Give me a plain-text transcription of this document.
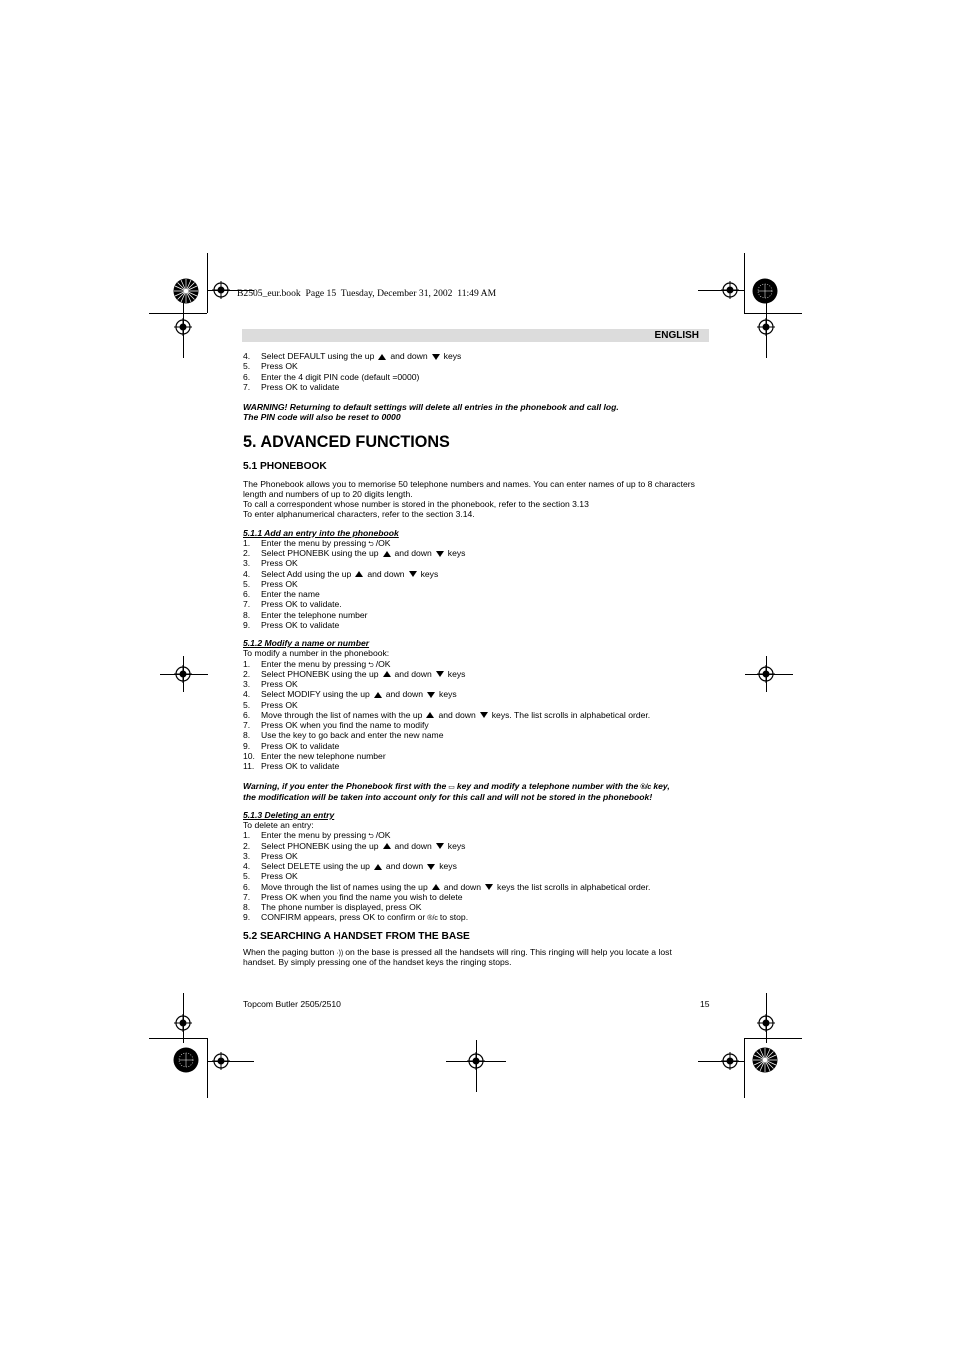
B2505_eur.book  Page 15  Tuesday, December 31, 2002  11:49 AM
ENGLISH
4. Select DEFAULT using the up and down keys
5. Press OK
6. Enter the 4 digit PIN code (default =0000)
7. Press OK to validate
WARNING! Returning to default settings will delete all entries in the phonebook and call log.
The PIN code will also be reset to 0000
5. ADVANCED FUNCTIONS
5.1 PHONEBOOK
The Phonebook allows you to memorise 50 telephone numbers and names. You can enter names of up to 8 characters
length and numbers of up to 20 digits length.
To call a correspondent whose number is stored in the phonebook, refer to the section 3.13
To enter alphanumerical characters, refer to the section 3.14.
5.1.1 Add an entry into the phonebook
1. Enter the menu by pressing ⮌ /OK
2. Select PHONEBK using the up and down keys
3. Press OK
4. Select Add using the up and down keys
5. Press OK
6. Enter the name
7. Press OK to validate.
8. Enter the telephone number
9. Press OK to validate
5.1.2 Modify a name or number
To modify a number in the phonebook:
1. Enter the menu by pressing ⮌ /OK
2. Select PHONEBK using the up and down keys
3. Press OK
4. Select MODIFY using the up and down keys
5. Press OK
6. Move through the list of names with the up and down keys. The list scrolls in alphabetical order.
7. Press OK when you find the name to modify
8. Use the key to go back and enter the new name
9. Press OK to validate
10. Enter the new telephone number
11. Press OK to validate
Warning, if you enter the Phonebook first with the ▭ key and modify a telephone number with the ®/c key,
the modification will be taken into account only for this call and will not be stored in the phonebook!
5.1.3 Deleting an entry
To delete an entry:
1. Enter the menu by pressing ⮌ /OK
2. Select PHONEBK using the up and down keys
3. Press OK
4. Select DELETE using the up and down keys
5. Press OK
6. Move through the list of names using the up and down keys the list scrolls in alphabetical order.
7. Press OK when you find the name you wish to delete
8. The phone number is displayed, press OK
9. CONFIRM appears, press OK to confirm or ®/c to stop.
5.2 SEARCHING A HANDSET FROM THE BASE
When the paging button ·)) on the base is pressed all the handsets will ring. This ringing will help you locate a lost
handset. By simply pressing one of the handset keys the ringing stops.
Topcom Butler 2505/2510	15
